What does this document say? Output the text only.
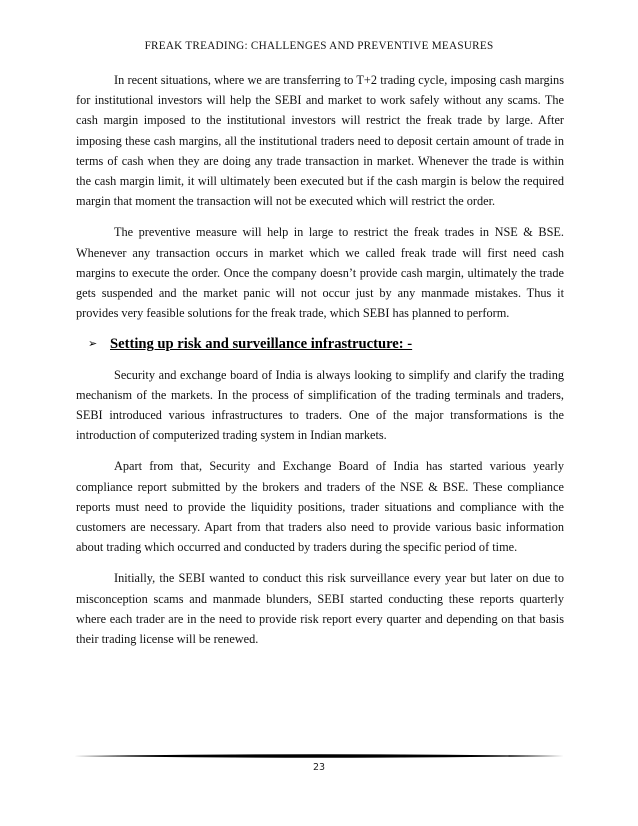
FREAK TREADING: CHALLENGES AND PREVENTIVE MEASURES

In recent situations, where we are transferring to T+2 trading cycle, imposing cash margins for institutional investors will help the SEBI and market to work safely without any scams. The cash margin imposed to the institutional investors will restrict the freak trade by large. After imposing these cash margins, all the institutional traders need to deposit certain amount of trade in terms of cash when they are doing any trade transaction in market. Whenever the trade is within the cash margin limit, it will ultimately been executed but if the cash margin is below the required margin that moment the transaction will not be executed which will restrict the order.

The preventive measure will help in large to restrict the freak trades in NSE & BSE. Whenever any transaction occurs in market which we called freak trade will first need cash margins to execute the order. Once the company doesn’t provide cash margin, ultimately the trade gets suspended and the market panic will not occur just by any manmade mistakes. Thus it provides very feasible solutions for the freak trade, which SEBI has planned to perform.

➢ Setting up risk and surveillance infrastructure: -

Security and exchange board of India is always looking to simplify and clarify the trading mechanism of the markets. In the process of simplification of the trading terminals and traders, SEBI introduced various infrastructures to traders. One of the major transformations is the introduction of computerized trading system in Indian markets.

Apart from that, Security and Exchange Board of India has started various yearly compliance report submitted by the brokers and traders of the NSE & BSE. These compliance reports must need to provide the liquidity positions, trader situations and compliance with the customers are necessary. Apart from that traders also need to provide various basic information about trading which occurred and conducted by traders during the specific period of time.

Initially, the SEBI wanted to conduct this risk surveillance every year but later on due to misconception scams and manmade blunders, SEBI started conducting these reports quarterly where each trader are in the need to provide risk report every quarter and depending on that basis their trading license will be renewed.

23
